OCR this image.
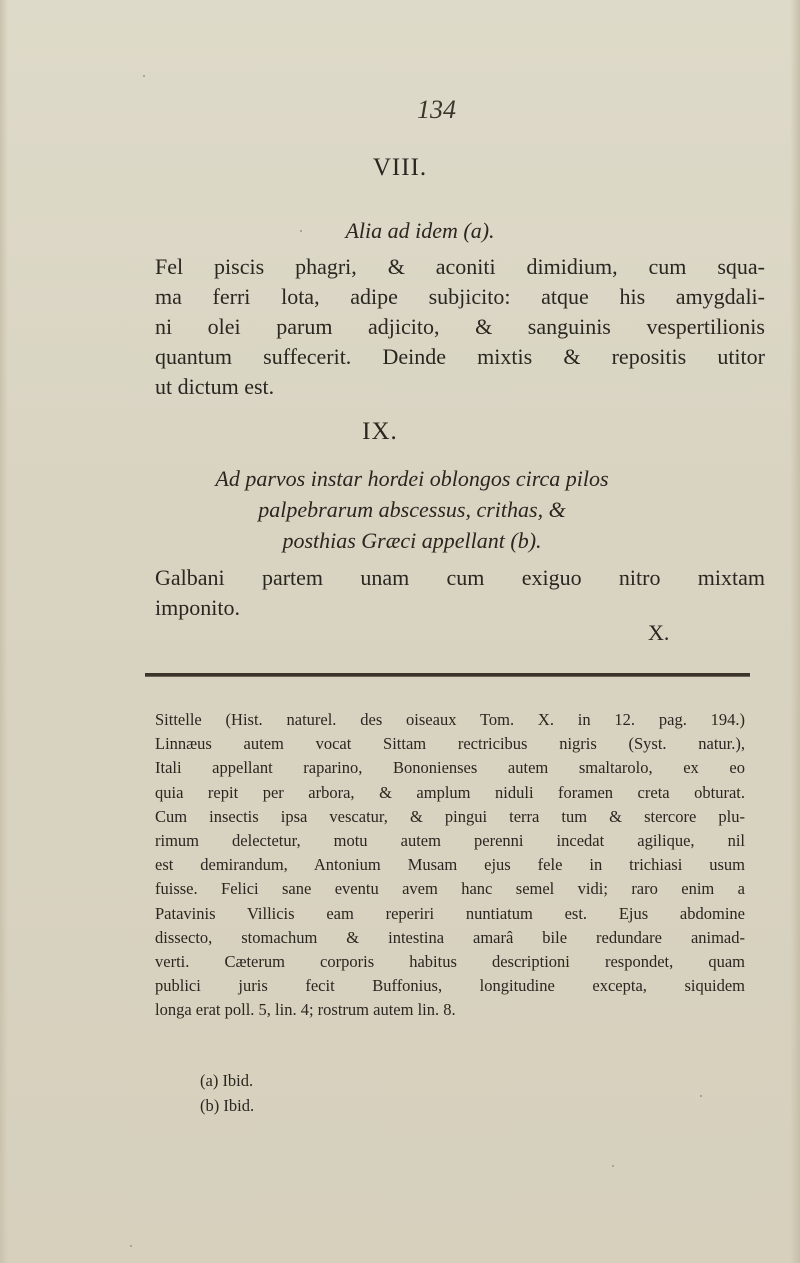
134
VIII.
Alia ad idem (a).
Fel piscis phagri, & aconiti dimidium, cum squa-
ma ferri lota, adipe subjicito: atque his amygdali-
ni olei parum adjicito, & sanguinis vespertilionis
quantum suffecerit. Deinde mixtis & repositis utitor
ut dictum est.
IX.
Ad parvos instar hordei oblongos circa pilos
palpebrarum abscessus, crithas, &
posthias Græci appellant (b).
Galbani partem unam cum exiguo nitro mixtam
imponito.
X.
Sittelle (Hist. naturel. des oiseaux Tom. X. in 12. pag. 194.)
Linnæus autem vocat Sittam rectricibus nigris (Syst. natur.),
Itali appellant raparino, Bononienses autem smaltarolo, ex eo
quia repit per arbora, & amplum niduli foramen creta obturat.
Cum insectis ipsa vescatur, & pingui terra tum & stercore plu-
rimum delectetur, motu autem perenni incedat agilique, nil
est demirandum, Antonium Musam ejus fele in trichiasi usum
fuisse. Felici sane eventu avem hanc semel vidi; raro enim a
Patavinis Villicis eam reperiri nuntiatum est. Ejus abdomine
dissecto, stomachum & intestina amarâ bile redundare animad-
verti. Cæterum corporis habitus descriptioni respondet, quam
publici juris fecit Buffonius, longitudine excepta, siquidem
longa erat poll. 5, lin. 4; rostrum autem lin. 8.
(a) Ibid.
(b) Ibid.
